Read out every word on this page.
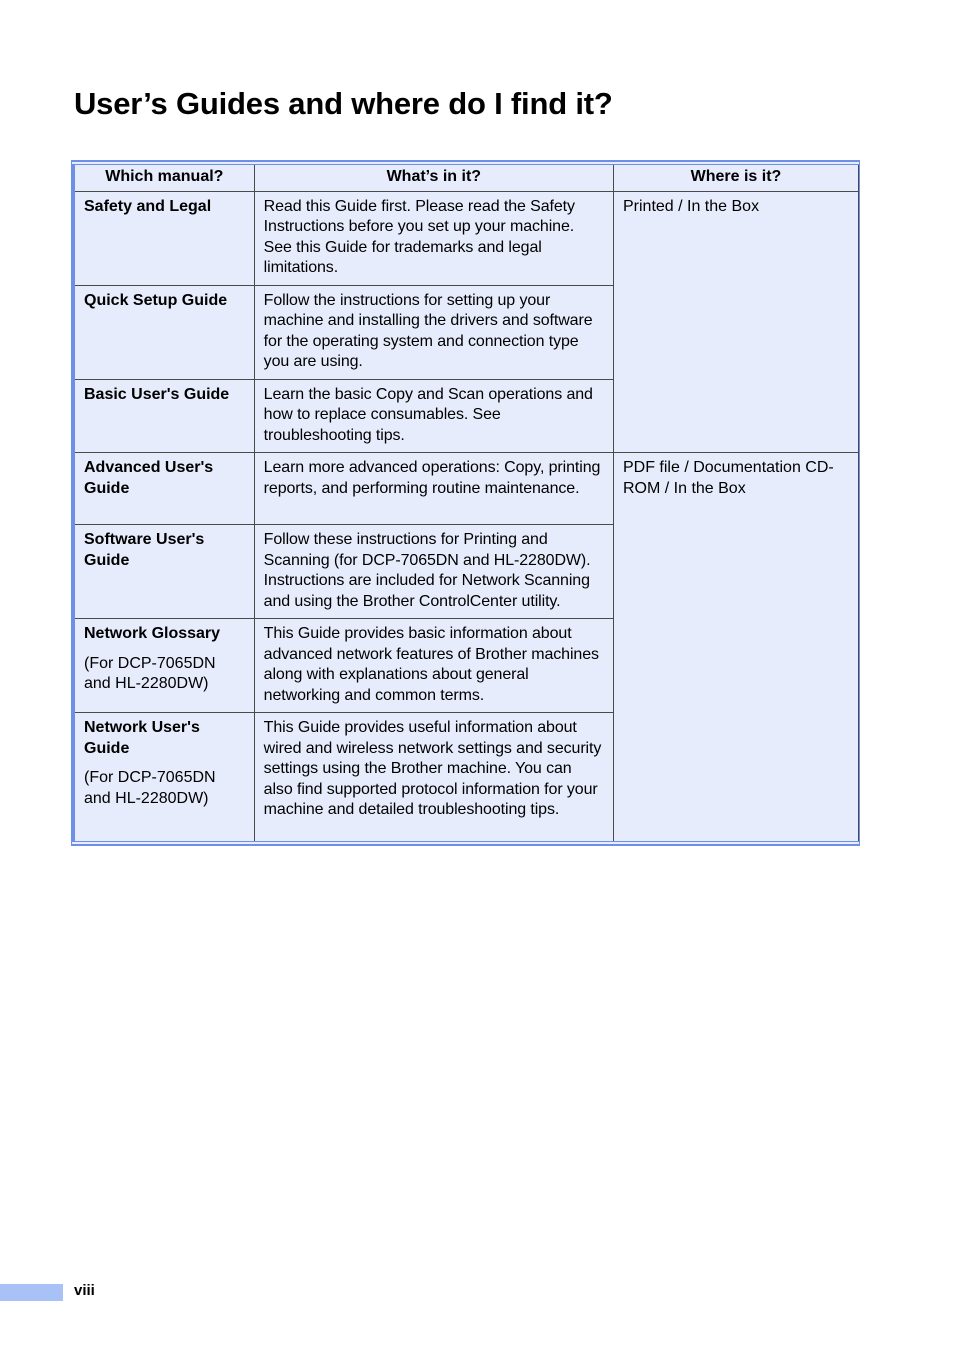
User’s Guides and where do I find it?
Which manual?	What’s in it?	Where is it?

Safety and Legal	Read this Guide first. Please read the Safety Instructions before you set up your machine. See this Guide for trademarks and legal limitations.	Printed / In the Box

Quick Setup Guide	Follow the instructions for setting up your machine and installing the drivers and software for the operating system and connection type you are using.	

Basic User's Guide	Learn the basic Copy and Scan operations and how to replace consumables. See troubleshooting tips.	

Advanced User's Guide	Learn more advanced operations: Copy, printing reports, and performing routine maintenance.	PDF file / Documentation CD-ROM / In the Box

Software User's Guide	Follow these instructions for Printing and Scanning (for DCP-7065DN and HL-2280DW). Instructions are included for Network Scanning and using the Brother ControlCenter utility.	

Network Glossary
(For DCP-7065DN and HL-2280DW)	This Guide provides basic information about advanced network features of Brother machines along with explanations about general networking and common terms.	

Network User's Guide
(For DCP-7065DN and HL-2280DW)	This Guide provides useful information about wired and wireless network settings and security settings using the Brother machine. You can also find supported protocol information for your machine and detailed troubleshooting tips.	
viii
